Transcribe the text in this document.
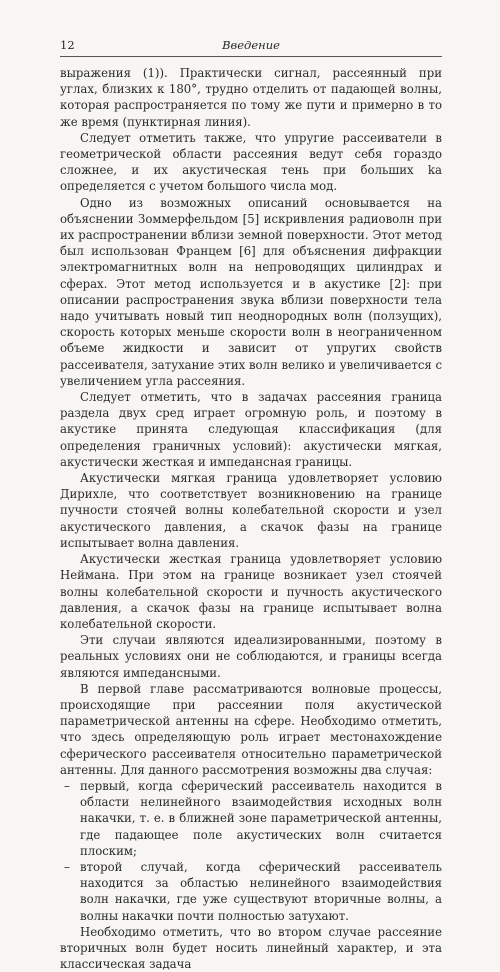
12	Введение

выражения (1)). Практически сигнал, рассеянный при углах, близких к 180°, трудно отделить от падающей волны, которая распространяется по тому же пути и примерно в то же время (пунктирная линия).

Следует отметить также, что упругие рассеиватели в геометрической области рассеяния ведут себя гораздо сложнее, и их акустическая тень при больших ka определяется с учетом большого числа мод.

Одно из возможных описаний основывается на объяснении Зоммерфельдом [5] искривления радиоволн при их распространении вблизи земной поверхности. Этот метод был использован Францем [6] для объяснения дифракции электромагнитных волн на непроводящих цилиндрах и сферах. Этот метод используется и в акустике [2]: при описании распространения звука вблизи поверхности тела надо учитывать новый тип неоднородных волн (ползущих), скорость которых меньше скорости волн в неограниченном объеме жидкости и зависит от упругих свойств рассеивателя, затухание этих волн велико и увеличивается с увеличением угла рассеяния.

Следует отметить, что в задачах рассеяния граница раздела двух сред играет огромную роль, и поэтому в акустике принята следующая классификация (для определения граничных условий): акустически мягкая, акустически жесткая и импедансная границы.

Акустически мягкая граница удовлетворяет условию Дирихле, что соответствует возникновению на границе пучности стоячей волны колебательной скорости и узел акустического давления, а скачок фазы на границе испытывает волна давления.

Акустически жесткая граница удовлетворяет условию Неймана. При этом на границе возникает узел стоячей волны колебательной скорости и пучность акустического давления, а скачок фазы на границе испытывает волна колебательной скорости.

Эти случаи являются идеализированными, поэтому в реальных условиях они не соблюдаются, и границы всегда являются импедансными.

В первой главе рассматриваются волновые процессы, происходящие при рассеянии поля акустической параметрической антенны на сфере. Необходимо отметить, что здесь определяющую роль играет местонахождение сферического рассеивателя относительно параметрической антенны. Для данного рассмотрения возможны два случая:

– первый, когда сферический рассеиватель находится в области нелинейного взаимодействия исходных волн накачки, т. е. в ближней зоне параметрической антенны, где падающее поле акустических волн считается плоским;
– второй случай, когда сферический рассеиватель находится за областью нелинейного взаимодействия волн накачки, где уже существуют вторичные волны, а волны накачки почти полностью затухают.

Необходимо отметить, что во втором случае рассеяние вторичных волн будет носить линейный характер, и эта классическая задача
